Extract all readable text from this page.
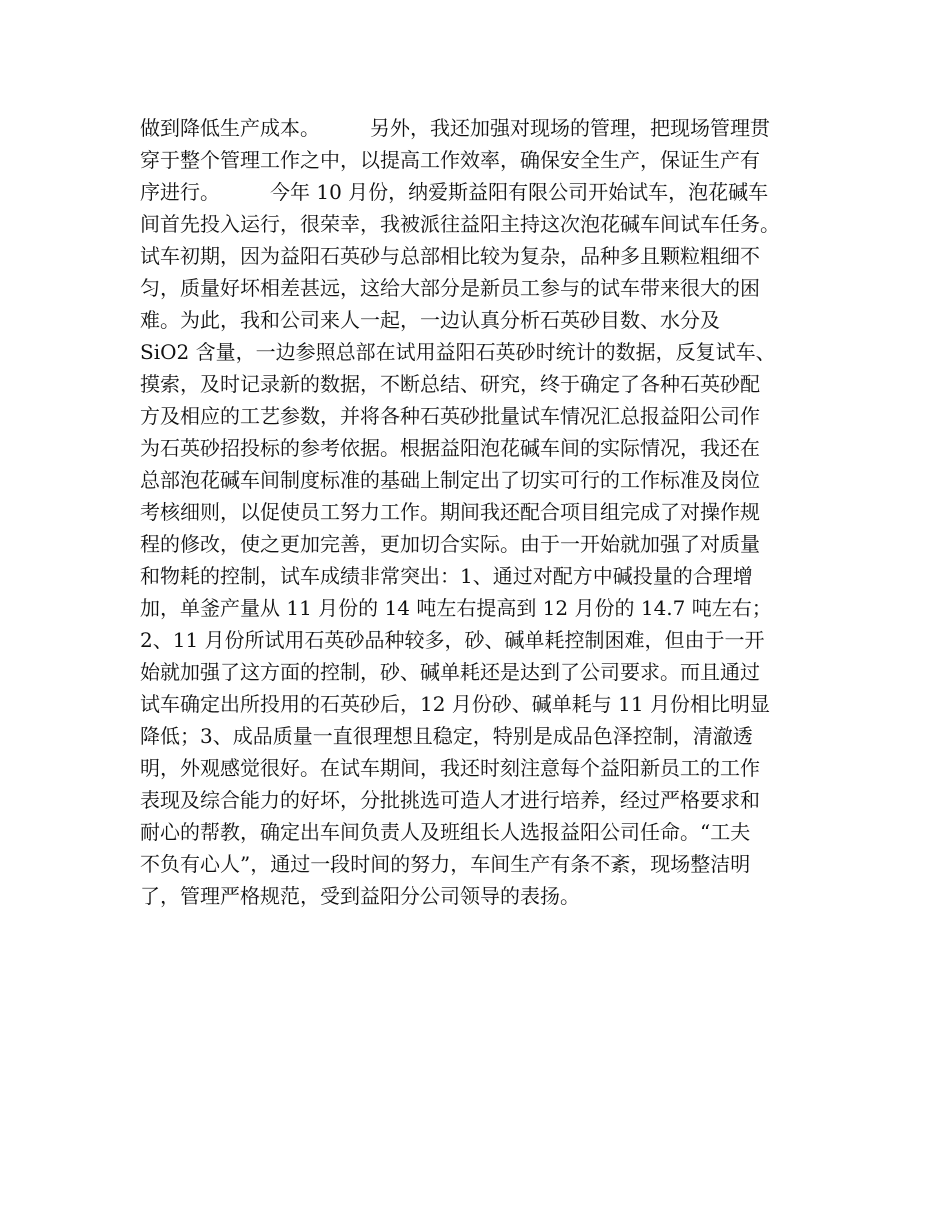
做到降低生产成本。　　　另外，我还加强对现场的管理，把现场管理贯
穿于整个管理工作之中，以提高工作效率，确保安全生产，保证生产有
序进行。　　　今年 10 月份，纳爱斯益阳有限公司开始试车，泡花碱车
间首先投入运行，很荣幸，我被派往益阳主持这次泡花碱车间试车任务。
试车初期，因为益阳石英砂与总部相比较为复杂，品种多且颗粒粗细不
匀，质量好坏相差甚远，这给大部分是新员工参与的试车带来很大的困
难。为此，我和公司来人一起，一边认真分析石英砂目数、水分及
SiO2 含量，一边参照总部在试用益阳石英砂时统计的数据，反复试车、
摸索，及时记录新的数据，不断总结、研究，终于确定了各种石英砂配
方及相应的工艺参数，并将各种石英砂批量试车情况汇总报益阳公司作
为石英砂招投标的参考依据。根据益阳泡花碱车间的实际情况，我还在
总部泡花碱车间制度标准的基础上制定出了切实可行的工作标准及岗位
考核细则，以促使员工努力工作。期间我还配合项目组完成了对操作规
程的修改，使之更加完善，更加切合实际。由于一开始就加强了对质量
和物耗的控制，试车成绩非常突出：1、通过对配方中碱投量的合理增
加，单釜产量从 11 月份的 14 吨左右提高到 12 月份的 14.7 吨左右；
2、11 月份所试用石英砂品种较多，砂、碱单耗控制困难，但由于一开
始就加强了这方面的控制，砂、碱单耗还是达到了公司要求。而且通过
试车确定出所投用的石英砂后，12 月份砂、碱单耗与 11 月份相比明显
降低；3、成品质量一直很理想且稳定，特别是成品色泽控制，清澈透
明，外观感觉很好。在试车期间，我还时刻注意每个益阳新员工的工作
表现及综合能力的好坏，分批挑选可造人才进行培养，经过严格要求和
耐心的帮教，确定出车间负责人及班组长人选报益阳公司任命。“工夫
不负有心人”，通过一段时间的努力，车间生产有条不紊，现场整洁明
了，管理严格规范，受到益阳分公司领导的表扬。
